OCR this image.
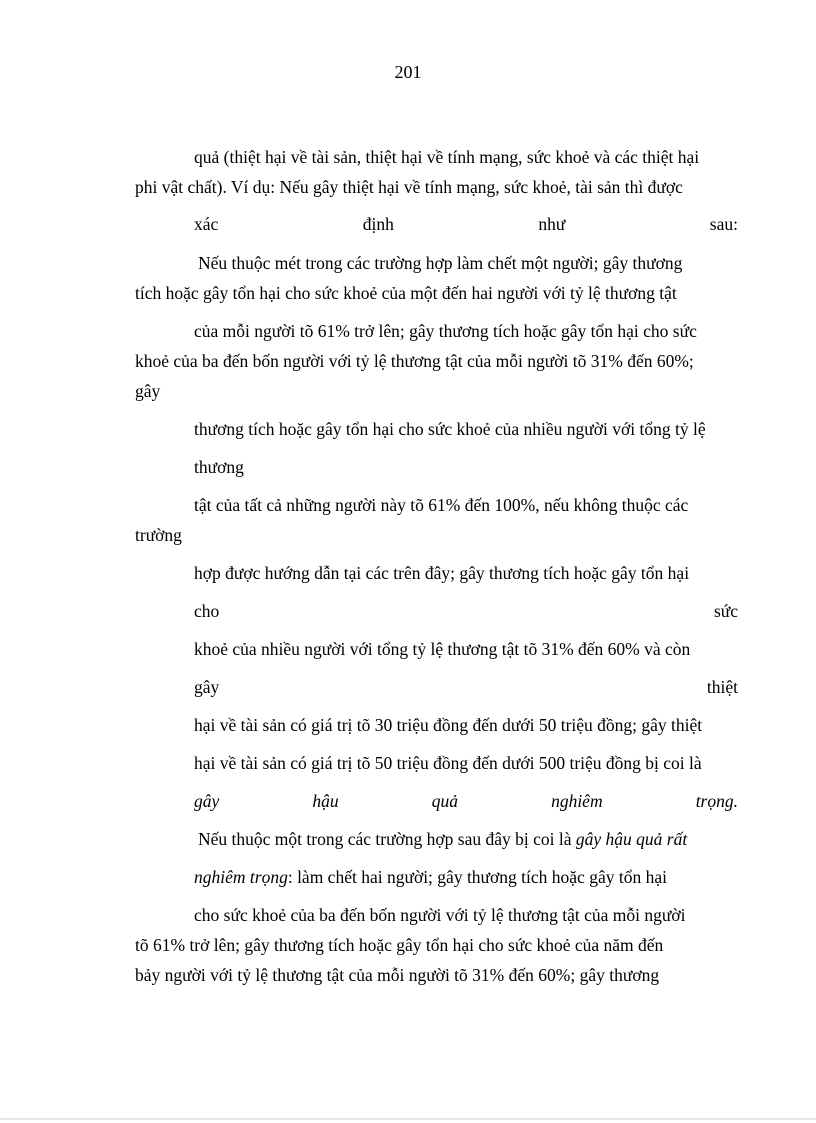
201
quả (thiệt hại về tài sản, thiệt hại về tính mạng, sức khoẻ và các thiệt hại
phi vật chất). Ví dụ: Nếu gây thiệt hại về tính mạng, sức khoẻ, tài sản thì được
xác	định	như	sau:
Nếu thuộc mét trong các trường hợp làm chết một người; gây thương
tích hoặc gây tổn hại cho sức khoẻ của một đến hai người với tỷ lệ thương tật
của mỗi người tõ 61% trở lên; gây thương tích hoặc gây tổn hại cho sức
khoẻ của ba đến bốn người với tỷ lệ thương tật của mỗi người tõ 31% đến 60%;
gây
thương tích hoặc gây tổn hại cho sức khoẻ của nhiều người với tổng tỷ lệ
thương
tật của tất cả những người này tõ 61% đến 100%, nếu không thuộc các
trường
hợp được hướng dẫn tại các trên đây; gây thương tích hoặc gây tổn hại
cho	sức
khoẻ của nhiều người với tổng tỷ lệ thương tật tõ 31% đến 60% và còn
gây	thiệt
hại về tài sản có giá trị tõ 30 triệu đồng đến dưới 50 triệu đồng; gây thiệt
hại về tài sản có giá trị tõ 50 triệu đồng đến dưới 500 triệu đồng bị coi là
gây	hậu	quả	nghiêm	trọng.
Nếu thuộc một trong các trường hợp sau đây bị coi là gây hậu quả rất
nghiêm trọng: làm chết hai người; gây thương tích hoặc gây tổn hại
cho sức khoẻ của ba đến bốn người với tỷ lệ thương tật của mỗi người
tõ 61% trở lên; gây thương tích hoặc gây tổn hại cho sức khoẻ của năm đến
bảy người với tỷ lệ thương tật của mỗi người tõ 31% đến 60%; gây thương
